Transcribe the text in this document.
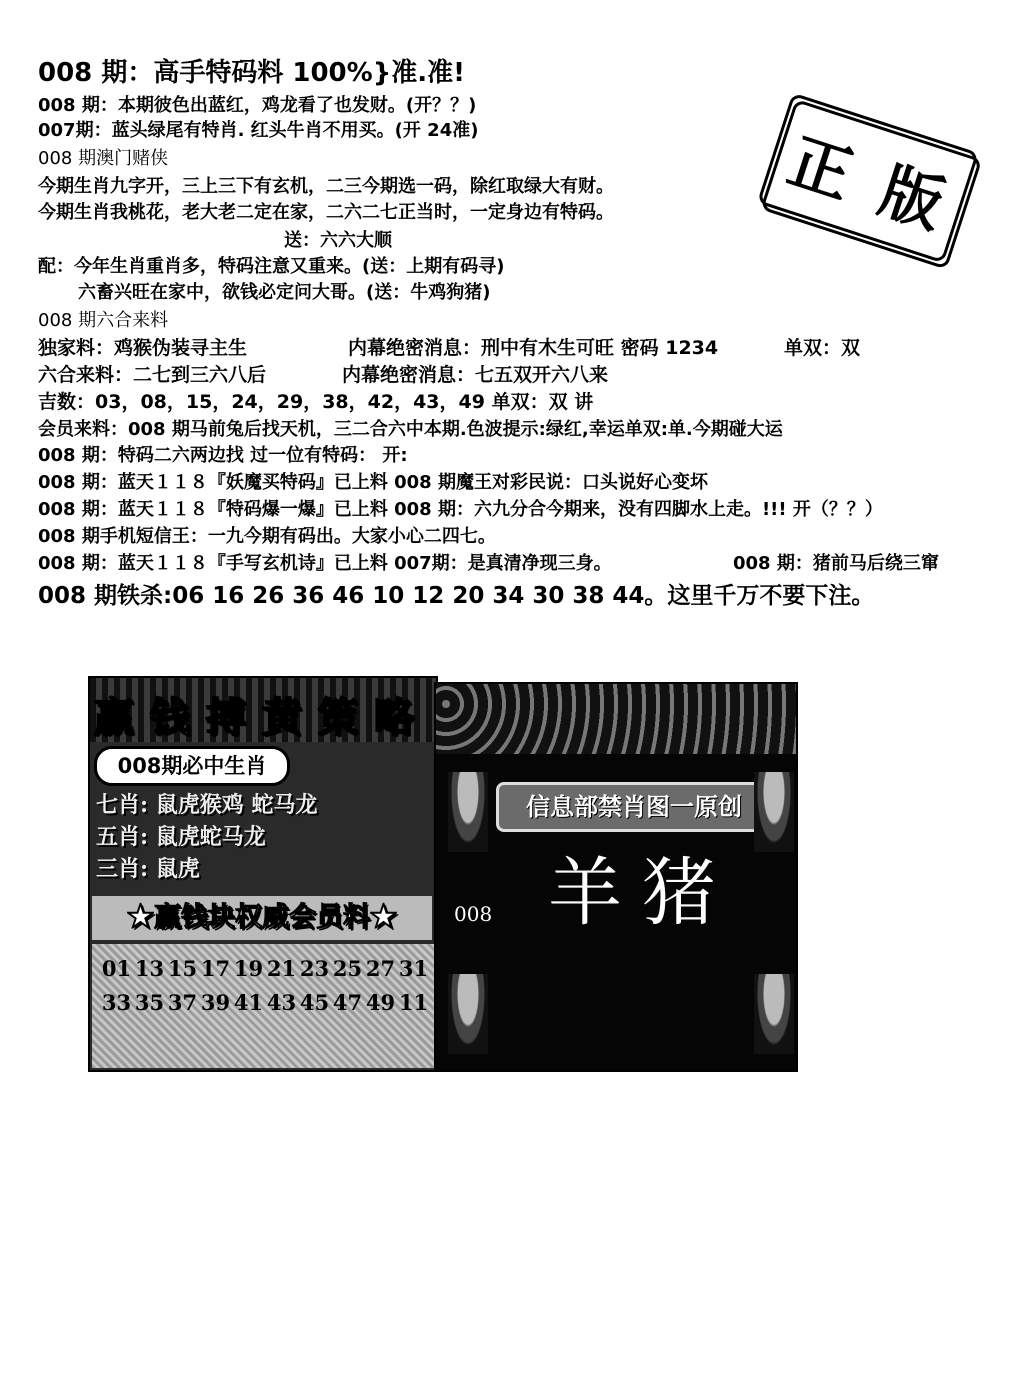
008 期：高手特码料 100%}准.准!
008 期：本期彼色出蓝红，鸡龙看了也发财。(开？？)
007期：蓝头绿尾有特肖. 红头牛肖不用买。(开 24准)
008 期澳门赌侠
今期生肖九字开，三上三下有玄机，二三今期选一码，除红取绿大有财。
今期生肖我桃花，老大老二定在家，二六二七正当时，一定身边有特码。
送：六六大顺
配：今年生肖重肖多，特码注意又重来。(送：上期有码寻)
六畜兴旺在家中，欲钱必定问大哥。(送：牛鸡狗猪)
008 期六合来料
独家料：鸡猴伪装寻主生	内幕绝密消息：刑中有木生可旺 密码 1234	单双：双
六合来料：二七到三六八后	内幕绝密消息：七五双开六八来
吉数：03，08，15，24，29，38，42，43，49 单双：双 讲
会员来料：008 期马前兔后找天机，三二合六中本期.色波提示:绿红,幸运单双:单.今期碰大运
008 期：特码二六两边找 过一位有特码： 开:
008 期：蓝天１１８『妖魔买特码』已上料 008 期魔王对彩民说：口头说好心变坏
008 期：蓝天１１８『特码爆一爆』已上料 008 期：六九分合今期来，没有四脚水上走。!!! 开（？？）
008 期手机短信王：一九今期有码出。大家小心二四七。
008 期：蓝天１１８『手写玄机诗』已上料 007期：是真清净现三身。	008 期：猪前马后绕三窜
008 期铁杀:06 16 26 36 46 10 12 20 34 30 38 44。这里千万不要下注。
正 版
赢 钱 搏 黄 策 略
008期必中生肖
七肖: 鼠虎猴鸡 蛇马龙
五肖: 鼠虎蛇马龙
三肖: 鼠虎
★赢钱块权威会员料★
01 13 15 17 19 21 23 25 27 31
33 35 37 39 41 43 45 47 49 11
信息部禁肖图一原创
羊猪
008
